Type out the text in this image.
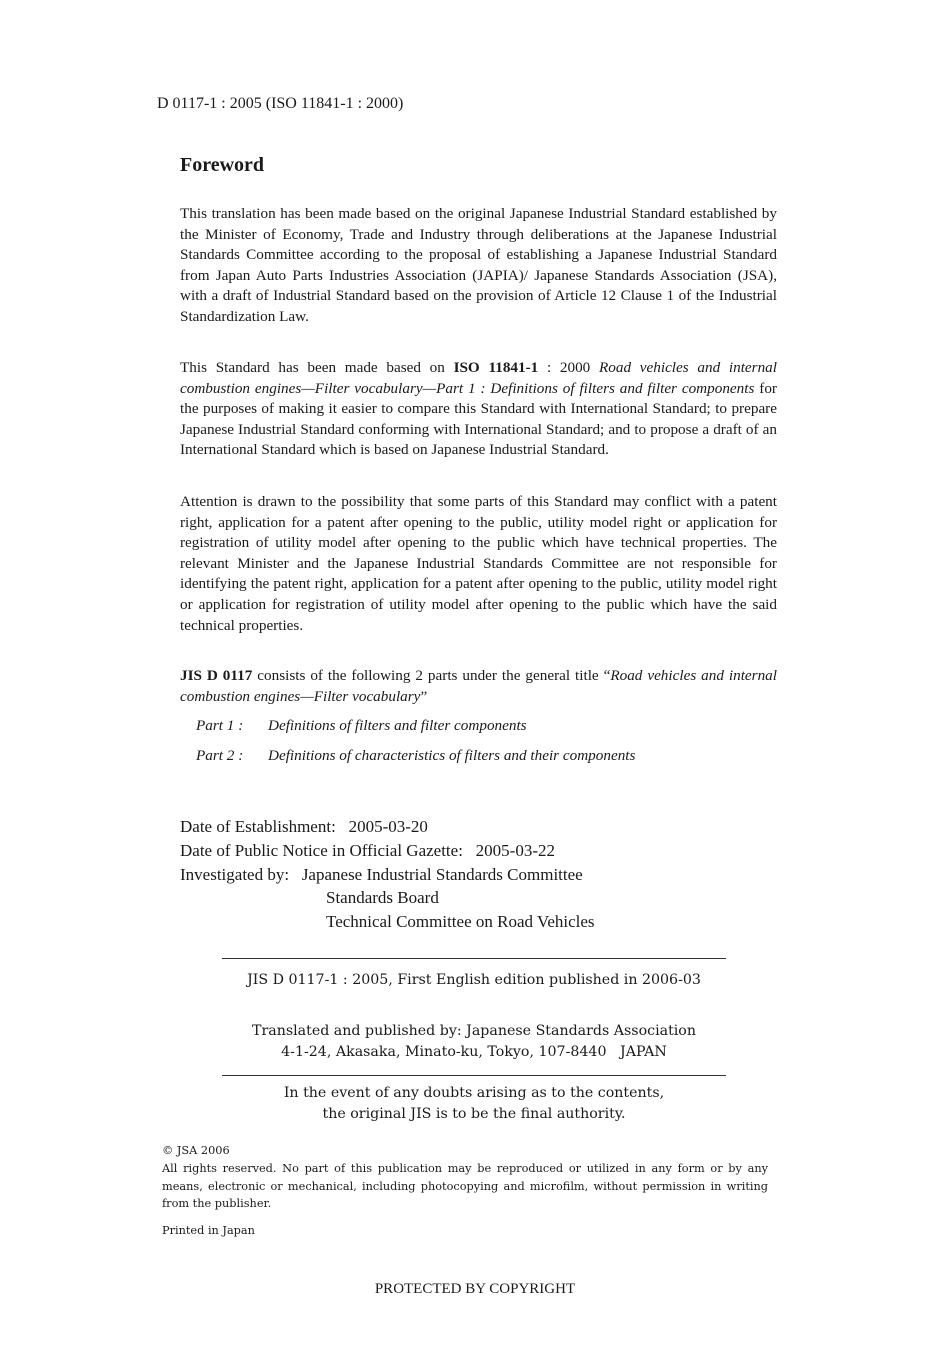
D 0117-1 : 2005 (ISO 11841-1 : 2000)
Foreword
This translation has been made based on the original Japanese Industrial Standard established by the Minister of Economy, Trade and Industry through deliberations at the Japanese Industrial Standards Committee according to the proposal of establishing a Japanese Industrial Standard from Japan Auto Parts Industries Association (JAPIA)/ Japanese Standards Association (JSA), with a draft of Industrial Standard based on the provision of Article 12 Clause 1 of the Industrial Standardization Law.
This Standard has been made based on ISO 11841-1 : 2000 Road vehicles and internal combustion engines—Filter vocabulary—Part 1 : Definitions of filters and filter components for the purposes of making it easier to compare this Standard with International Standard; to prepare Japanese Industrial Standard conforming with International Standard; and to propose a draft of an International Standard which is based on Japanese Industrial Standard.
Attention is drawn to the possibility that some parts of this Standard may conflict with a patent right, application for a patent after opening to the public, utility model right or application for registration of utility model after opening to the public which have technical properties. The relevant Minister and the Japanese Industrial Standards Committee are not responsible for identifying the patent right, application for a patent after opening to the public, utility model right or application for registration of utility model after opening to the public which have the said technical properties.
JIS D 0117 consists of the following 2 parts under the general title “Road vehicles and internal combustion engines—Filter vocabulary”
Part 1 : Definitions of filters and filter components
Part 2 : Definitions of characteristics of filters and their components
Date of Establishment: 2005-03-20
Date of Public Notice in Official Gazette: 2005-03-22
Investigated by: Japanese Industrial Standards Committee
Standards Board
Technical Committee on Road Vehicles
JIS D 0117-1 : 2005, First English edition published in 2006-03
Translated and published by: Japanese Standards Association
4-1-24, Akasaka, Minato-ku, Tokyo, 107-8440   JAPAN
In the event of any doubts arising as to the contents,
the original JIS is to be the final authority.
© JSA 2006
All rights reserved. No part of this publication may be reproduced or utilized in any form or by any means, electronic or mechanical, including photocopying and microfilm, without permission in writing from the publisher.
Printed in Japan
PROTECTED BY COPYRIGHT
